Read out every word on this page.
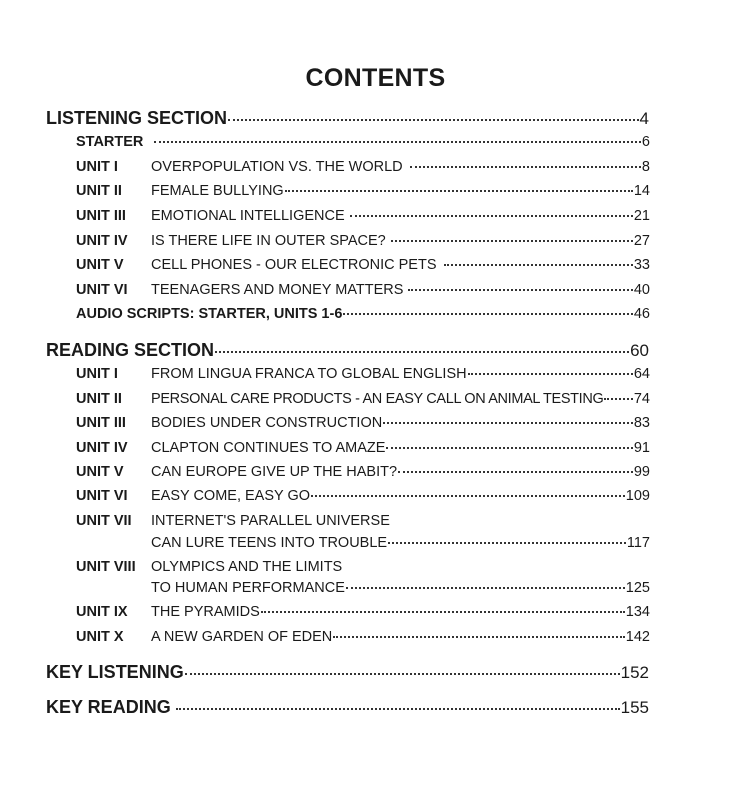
CONTENTS
LISTENING SECTION	4
STARTER	6
UNIT I	OVERPOPULATION VS. THE WORLD	8
UNIT II	FEMALE BULLYING	14
UNIT III	EMOTIONAL INTELLIGENCE	21
UNIT IV	IS THERE LIFE IN OUTER SPACE?	27
UNIT V	CELL PHONES - OUR ELECTRONIC PETS	33
UNIT VI	TEENAGERS AND MONEY MATTERS	40
AUDIO SCRIPTS: STARTER, UNITS 1-6	46
READING SECTION	60
UNIT I	FROM LINGUA FRANCA TO GLOBAL ENGLISH	64
UNIT II	PERSONAL CARE PRODUCTS - AN EASY CALL ON ANIMAL TESTING 74
UNIT III	BODIES UNDER CONSTRUCTION	83
UNIT IV	CLAPTON CONTINUES TO AMAZE	91
UNIT V	CAN EUROPE GIVE UP THE HABIT?	99
UNIT VI	EASY COME, EASY GO	109
UNIT VII	INTERNET'S PARALLEL UNIVERSE
CAN LURE TEENS INTO TROUBLE	117
UNIT VIII	OLYMPICS AND THE LIMITS
TO HUMAN PERFORMANCE	125
UNIT IX	THE PYRAMIDS	134
UNIT X	A NEW GARDEN OF EDEN	142
KEY LISTENING	152
KEY READING	155
